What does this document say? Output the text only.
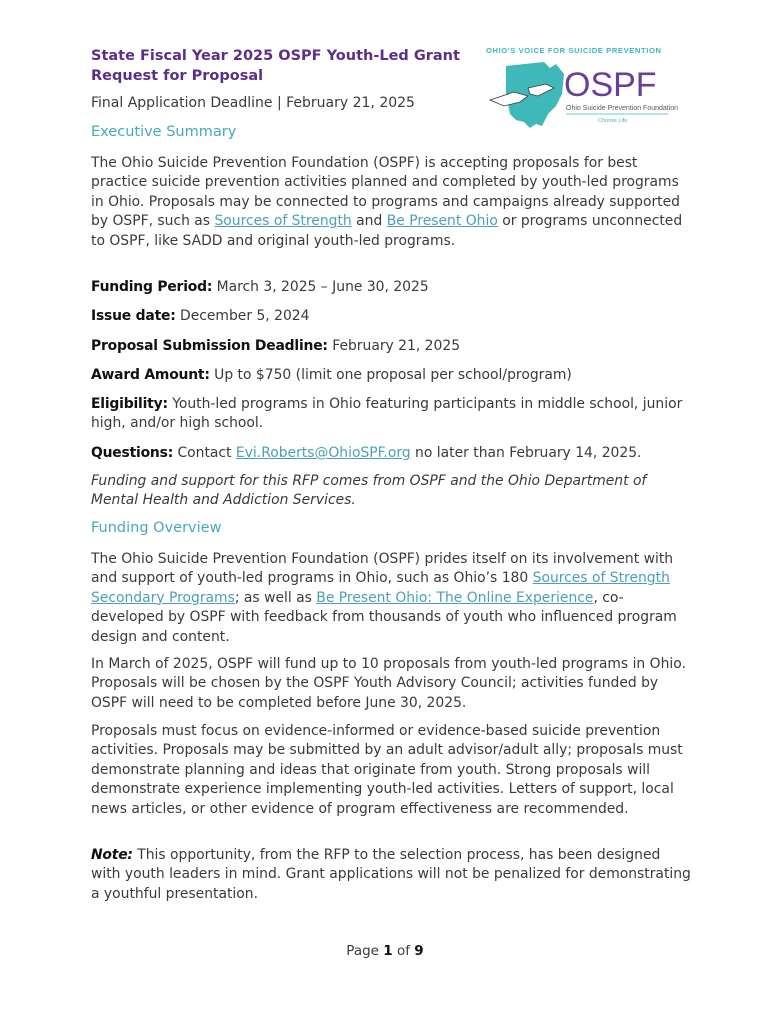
State Fiscal Year 2025 OSPF Youth-Led Grant Request for Proposal
Final Application Deadline | February 21, 2025
OHIO'S VOICE FOR SUICIDE PREVENTION
OSPF
Ohio Suicide Prevention Foundation
Choose Life
Executive Summary
The Ohio Suicide Prevention Foundation (OSPF) is accepting proposals for best practice suicide prevention activities planned and completed by youth-led programs in Ohio. Proposals may be connected to programs and campaigns already supported by OSPF, such as Sources of Strength and Be Present Ohio or programs unconnected to OSPF, like SADD and original youth-led programs.
Funding Period: March 3, 2025 – June 30, 2025
Issue date: December 5, 2024
Proposal Submission Deadline: February 21, 2025
Award Amount: Up to $750 (limit one proposal per school/program)
Eligibility: Youth-led programs in Ohio featuring participants in middle school, junior high, and/or high school.
Questions: Contact Evi.Roberts@OhioSPF.org no later than February 14, 2025.
Funding and support for this RFP comes from OSPF and the Ohio Department of Mental Health and Addiction Services.
Funding Overview
The Ohio Suicide Prevention Foundation (OSPF) prides itself on its involvement with and support of youth-led programs in Ohio, such as Ohio’s 180 Sources of Strength Secondary Programs; as well as Be Present Ohio: The Online Experience, co-developed by OSPF with feedback from thousands of youth who influenced program design and content.
In March of 2025, OSPF will fund up to 10 proposals from youth-led programs in Ohio. Proposals will be chosen by the OSPF Youth Advisory Council; activities funded by OSPF will need to be completed before June 30, 2025.
Proposals must focus on evidence-informed or evidence-based suicide prevention activities. Proposals may be submitted by an adult advisor/adult ally; proposals must demonstrate planning and ideas that originate from youth. Strong proposals will demonstrate experience implementing youth-led activities. Letters of support, local news articles, or other evidence of program effectiveness are recommended.
Note: This opportunity, from the RFP to the selection process, has been designed with youth leaders in mind. Grant applications will not be penalized for demonstrating a youthful presentation.
Page 1 of 9
